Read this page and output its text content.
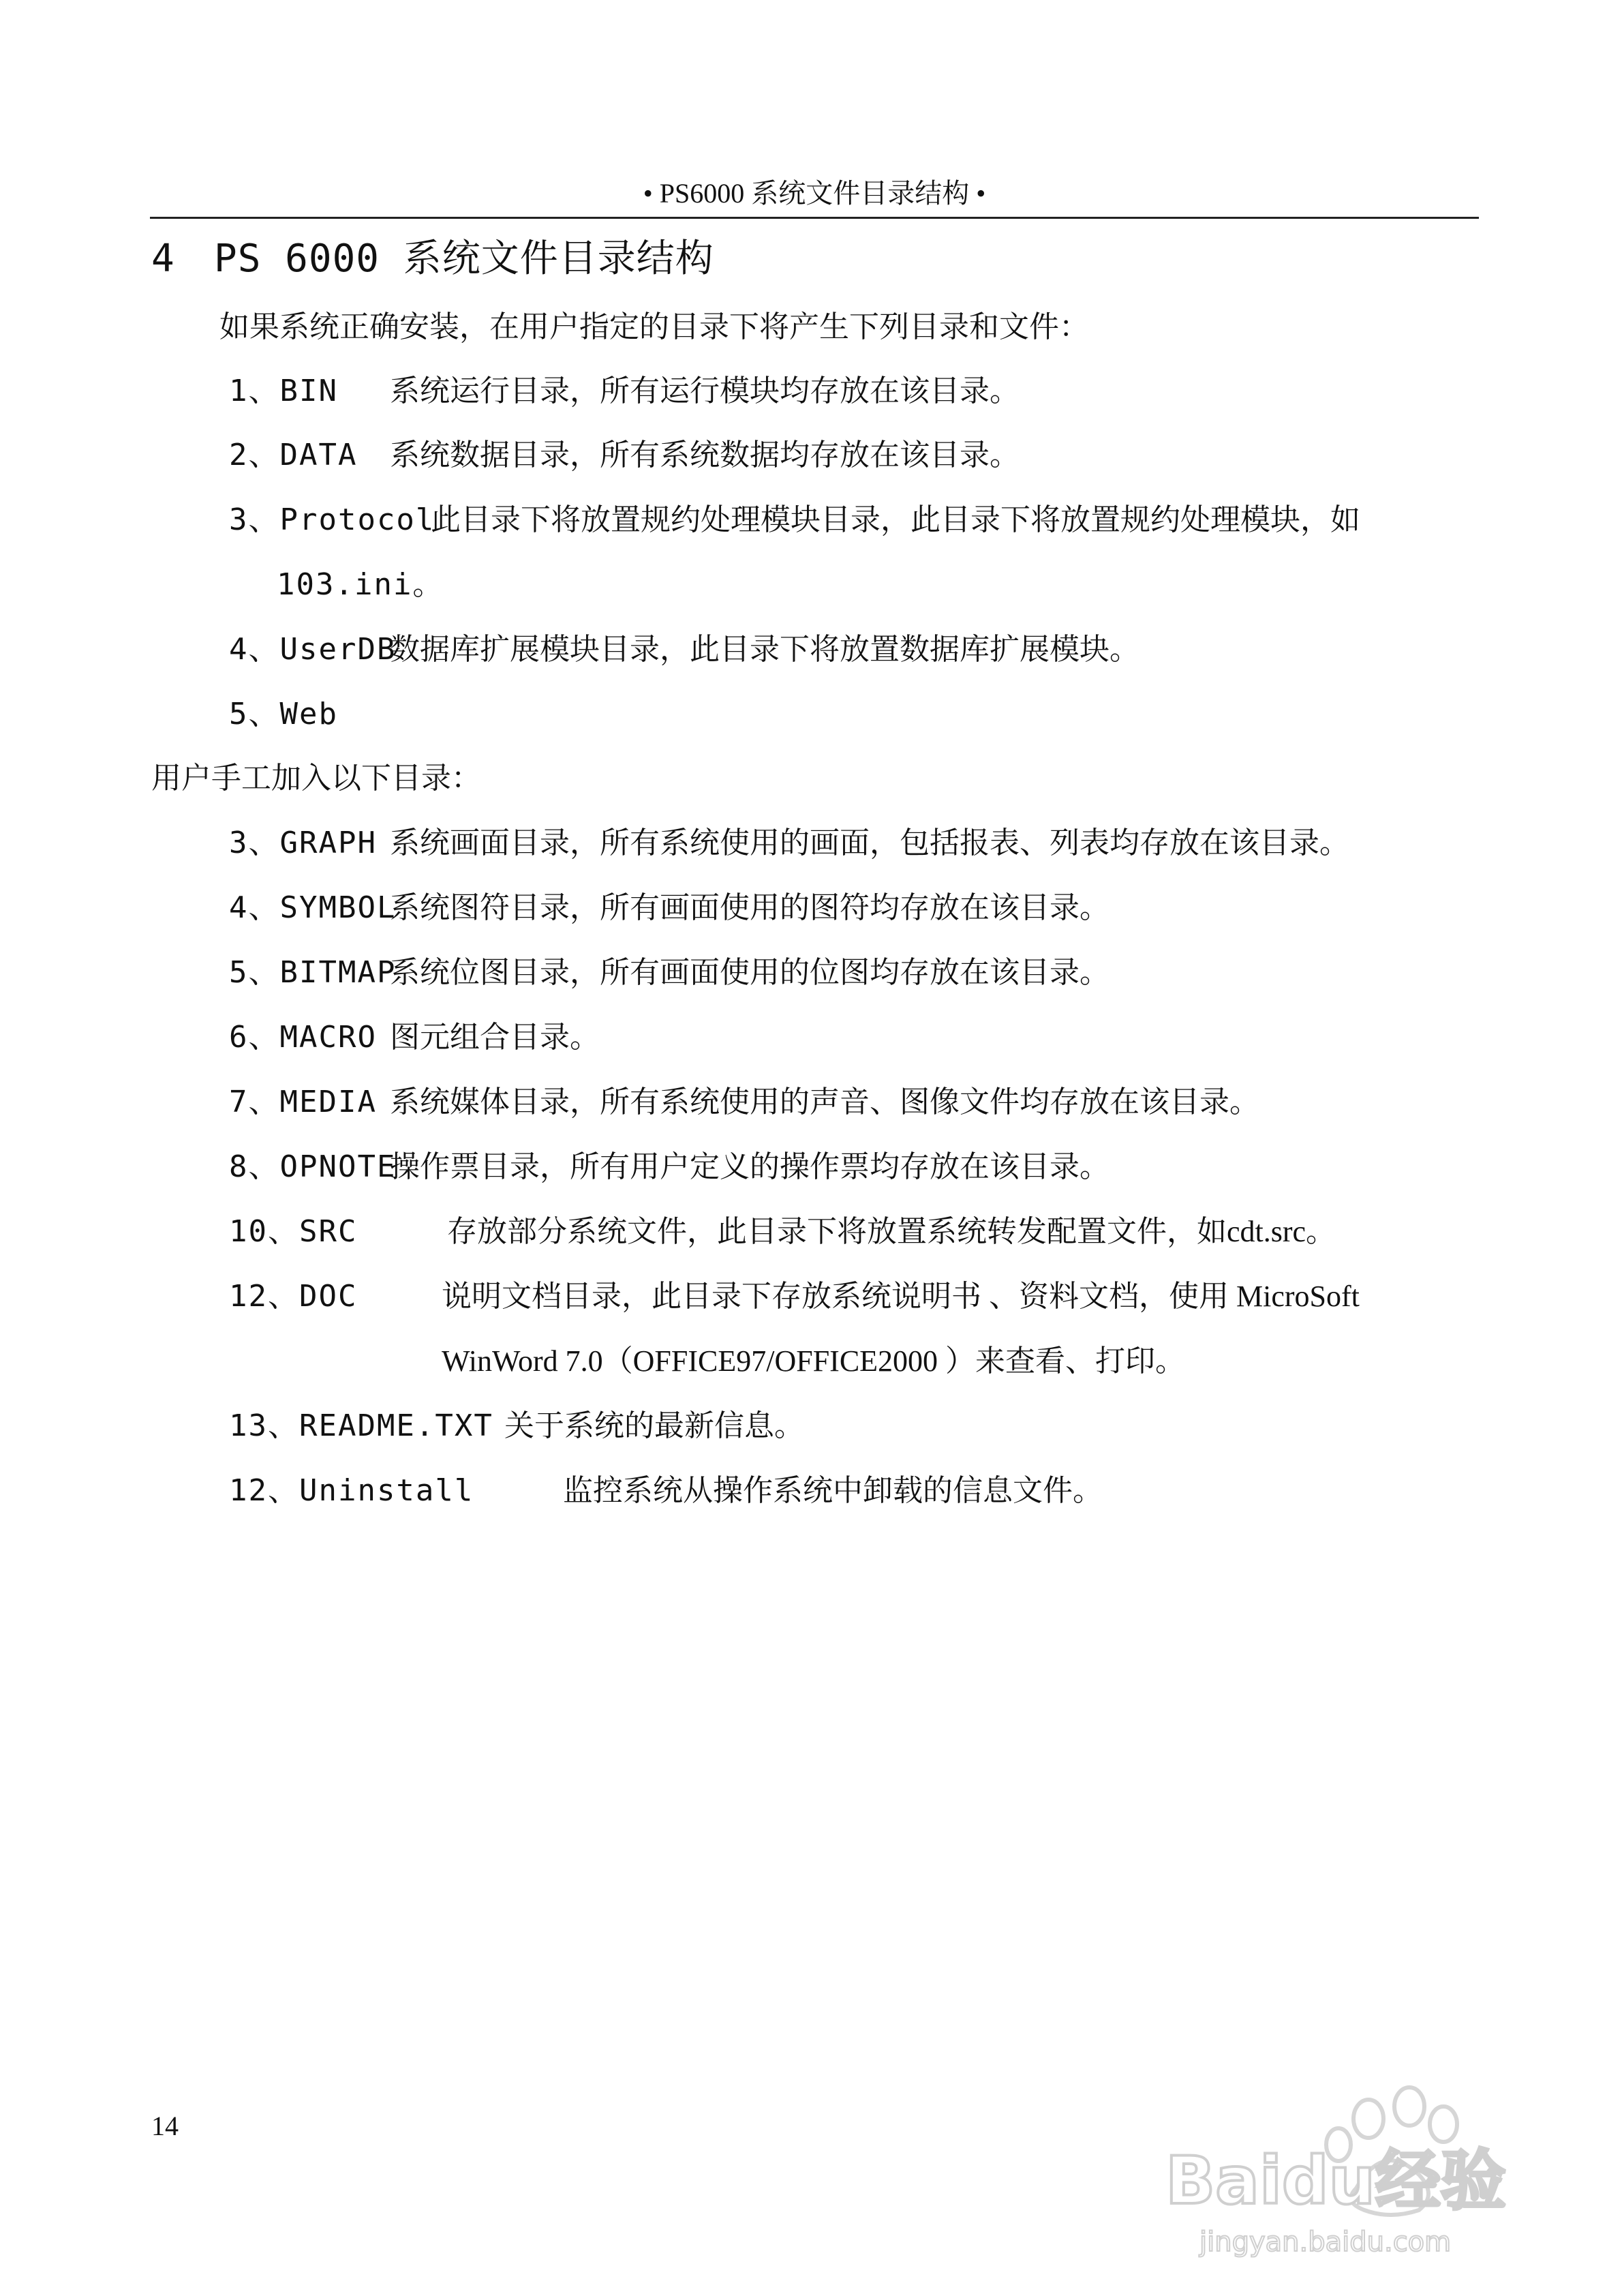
• PS6000 系统文件目录结构 •
4 PS 6000 系统文件目录结构
如果系统正确安装，在用户指定的目录下将产生下列目录和文件：
1、BIN 系统运行目录，所有运行模块均存放在该目录。
2、DATA 系统数据目录，所有系统数据均存放在该目录。
3、Protocol此目录下将放置规约处理模块目录，此目录下将放置规约处理模块，如
103.ini。
4、UserDB数据库扩展模块目录，此目录下将放置数据库扩展模块。
5、Web
用户手工加入以下目录：
3、GRAPH 系统画面目录，所有系统使用的画面，包括报表、列表均存放在该目录。
4、SYMBOL系统图符目录，所有画面使用的图符均存放在该目录。
5、BITMAP系统位图目录，所有画面使用的位图均存放在该目录。
6、MACRO 图元组合目录。
7、MEDIA 系统媒体目录，所有系统使用的声音、图像文件均存放在该目录。
8、OPNOTE操作票目录，所有用户定义的操作票均存放在该目录。
10、SRC	存放部分系统文件，此目录下将放置系统转发配置文件，如cdt.src。
12、DOC	说明文档目录，此目录下存放系统说明书 、资料文档，使用 MicroSoft
WinWord 7.0（OFFICE97/OFFICE2000 ）来查看、打印。
13、README.TXT 关于系统的最新信息。
12、Uninstall	监控系统从操作系统中卸载的信息文件。
14
Baidu经验
jingyan.baidu.com
